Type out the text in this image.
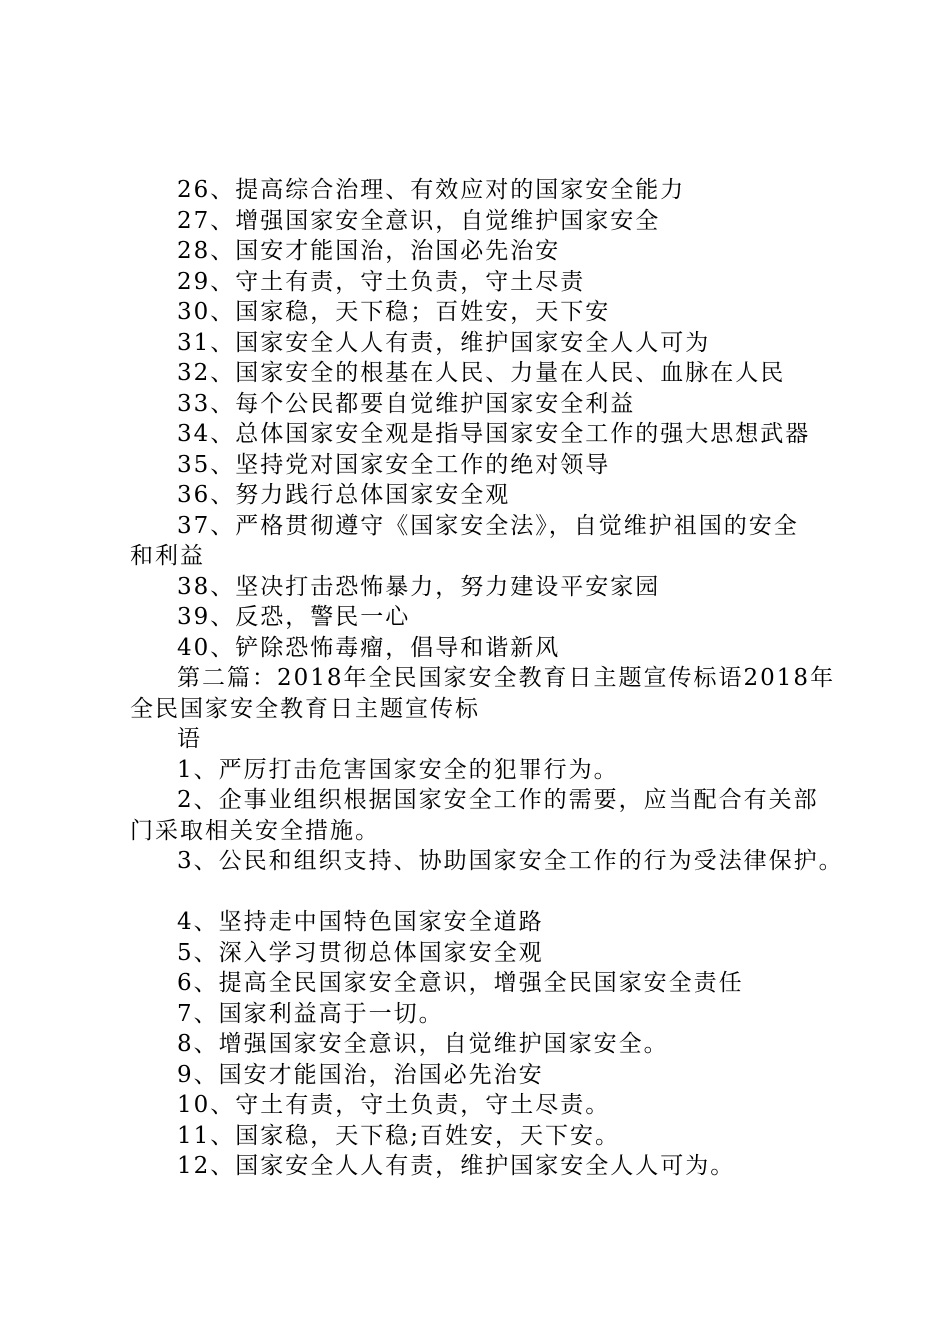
26、提高综合治理、有效应对的国家安全能力
27、增强国家安全意识，自觉维护国家安全
28、国安才能国治，治国必先治安
29、守土有责，守土负责，守土尽责
30、国家稳，天下稳；百姓安，天下安
31、国家安全人人有责，维护国家安全人人可为
32、国家安全的根基在人民、力量在人民、血脉在人民
33、每个公民都要自觉维护国家安全利益
34、总体国家安全观是指导国家安全工作的强大思想武器
35、坚持党对国家安全工作的绝对领导
36、努力践行总体国家安全观
37、严格贯彻遵守《国家安全法》，自觉维护祖国的安全
和利益
38、坚决打击恐怖暴力，努力建设平安家园
39、反恐，警民一心
40、铲除恐怖毒瘤，倡导和谐新风
第二篇：2018年全民国家安全教育日主题宣传标语2018年
全民国家安全教育日主题宣传标
语
1、严厉打击危害国家安全的犯罪行为。
2、企事业组织根据国家安全工作的需要，应当配合有关部
门采取相关安全措施。
3、公民和组织支持、协助国家安全工作的行为受法律保护。
4、坚持走中国特色国家安全道路
5、深入学习贯彻总体国家安全观
6、提高全民国家安全意识，增强全民国家安全责任
7、国家利益高于一切。
8、增强国家安全意识，自觉维护国家安全。
9、国安才能国治，治国必先治安
10、守土有责，守土负责，守土尽责。
11、国家稳，天下稳;百姓安，天下安。
12、国家安全人人有责，维护国家安全人人可为。
